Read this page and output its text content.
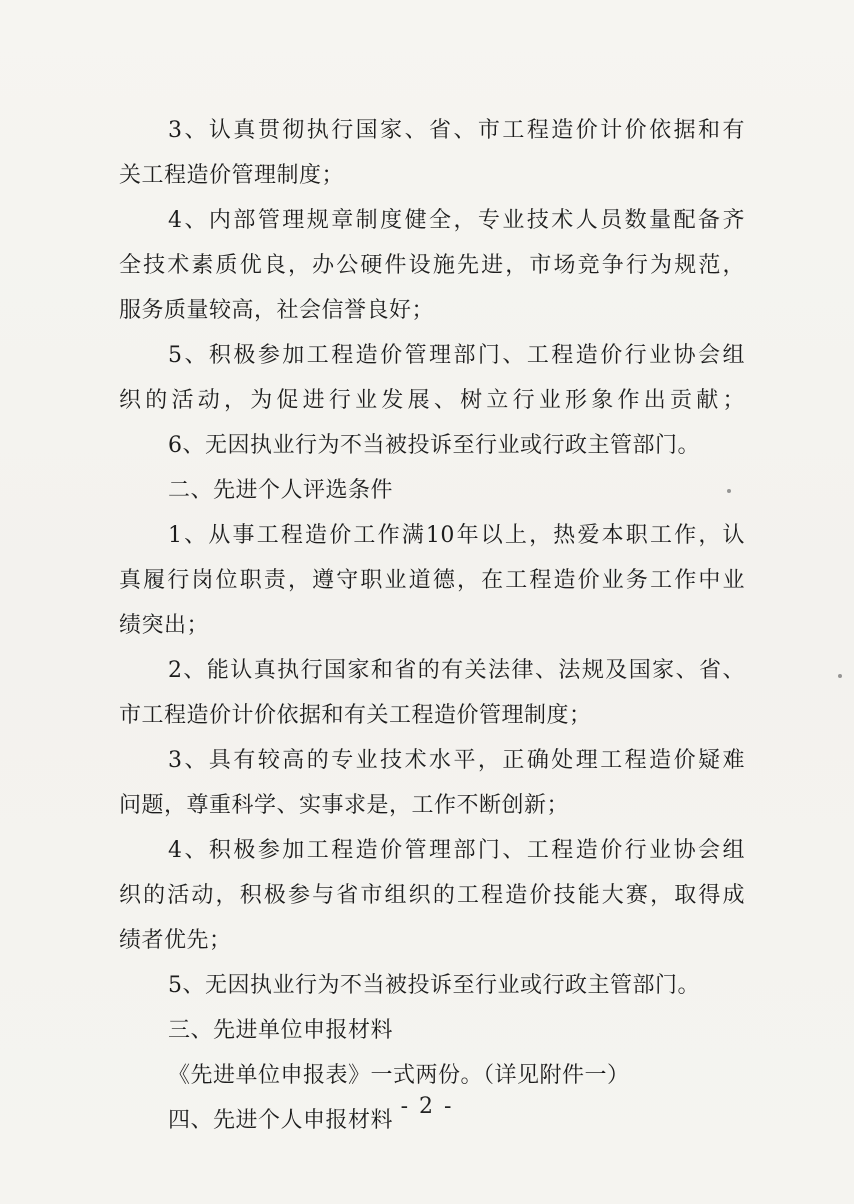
3、认真贯彻执行国家、省、市工程造价计价依据和有
关工程造价管理制度；
4、内部管理规章制度健全，专业技术人员数量配备齐
全技术素质优良，办公硬件设施先进，市场竞争行为规范，
服务质量较高，社会信誉良好；
5、积极参加工程造价管理部门、工程造价行业协会组
织的活动，为促进行业发展、树立行业形象作出贡献；
6、无因执业行为不当被投诉至行业或行政主管部门。
二、先进个人评选条件
1、从事工程造价工作满10年以上，热爱本职工作，认
真履行岗位职责，遵守职业道德，在工程造价业务工作中业
绩突出；
2、能认真执行国家和省的有关法律、法规及国家、省、
市工程造价计价依据和有关工程造价管理制度；
3、具有较高的专业技术水平，正确处理工程造价疑难
问题，尊重科学、实事求是，工作不断创新；
4、积极参加工程造价管理部门、工程造价行业协会组
织的活动，积极参与省市组织的工程造价技能大赛，取得成
绩者优先；
5、无因执业行为不当被投诉至行业或行政主管部门。
三、先进单位申报材料
《先进单位申报表》一式两份。（详见附件一）
四、先进个人申报材料
- 2 -
